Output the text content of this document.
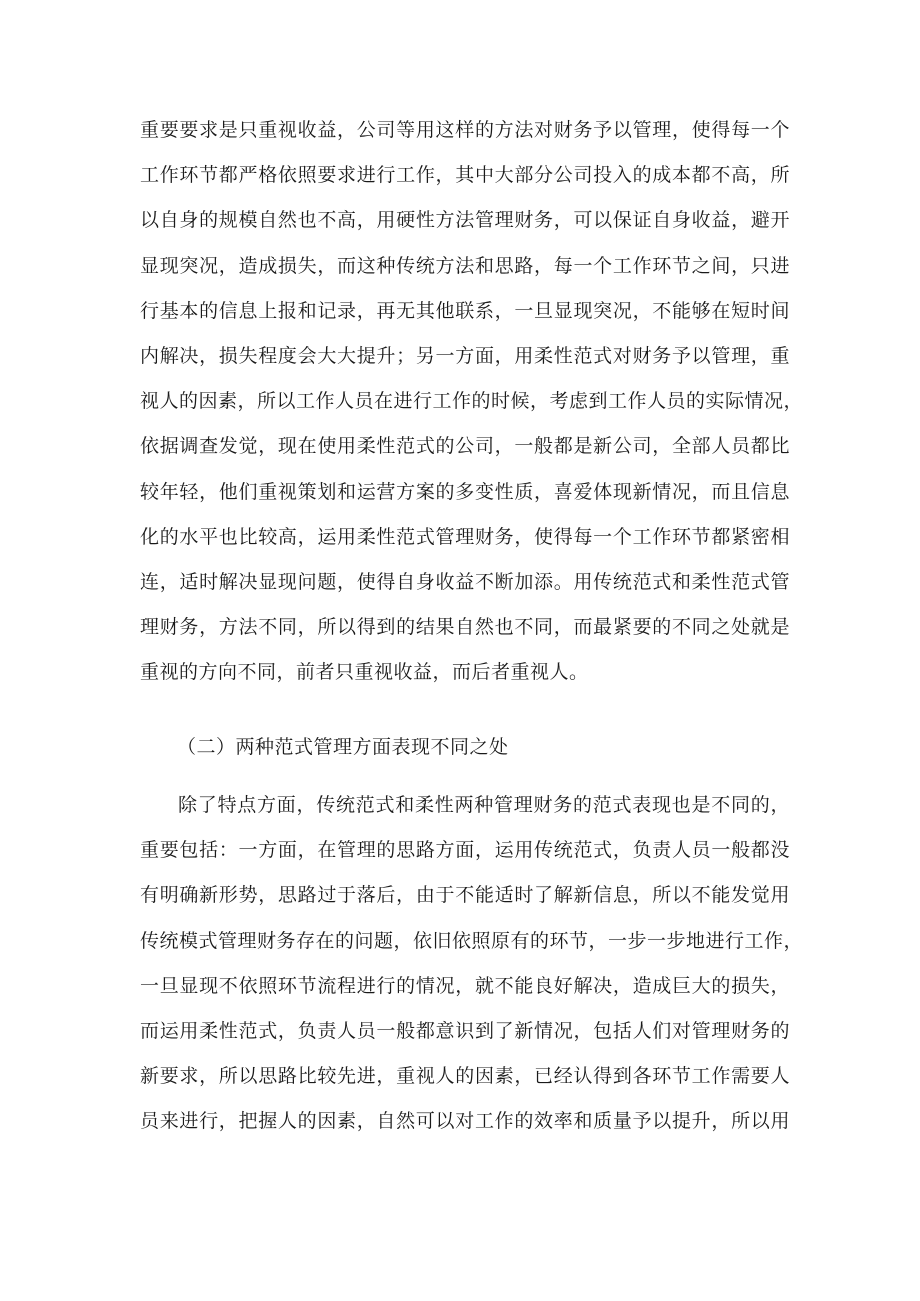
重要要求是只重视收益，公司等用这样的方法对财务予以管理，使得每一个
工作环节都严格依照要求进行工作，其中大部分公司投入的成本都不高，所
以自身的规模自然也不高，用硬性方法管理财务，可以保证自身收益，避开
显现突况，造成损失，而这种传统方法和思路，每一个工作环节之间，只进
行基本的信息上报和记录，再无其他联系，一旦显现突况，不能够在短时间
内解决，损失程度会大大提升；另一方面，用柔性范式对财务予以管理，重
视人的因素，所以工作人员在进行工作的时候，考虑到工作人员的实际情况，
依据调查发觉，现在使用柔性范式的公司，一般都是新公司，全部人员都比
较年轻，他们重视策划和运营方案的多变性质，喜爱体现新情况，而且信息
化的水平也比较高，运用柔性范式管理财务，使得每一个工作环节都紧密相
连，适时解决显现问题，使得自身收益不断加添。用传统范式和柔性范式管
理财务，方法不同，所以得到的结果自然也不同，而最紧要的不同之处就是
重视的方向不同，前者只重视收益，而后者重视人。
（二）两种范式管理方面表现不同之处
除了特点方面，传统范式和柔性两种管理财务的范式表现也是不同的，
重要包括：一方面，在管理的思路方面，运用传统范式，负责人员一般都没
有明确新形势，思路过于落后，由于不能适时了解新信息，所以不能发觉用
传统模式管理财务存在的问题，依旧依照原有的环节，一步一步地进行工作，
一旦显现不依照环节流程进行的情况，就不能良好解决，造成巨大的损失，
而运用柔性范式，负责人员一般都意识到了新情况，包括人们对管理财务的
新要求，所以思路比较先进，重视人的因素，已经认得到各环节工作需要人
员来进行，把握人的因素，自然可以对工作的效率和质量予以提升，所以用
